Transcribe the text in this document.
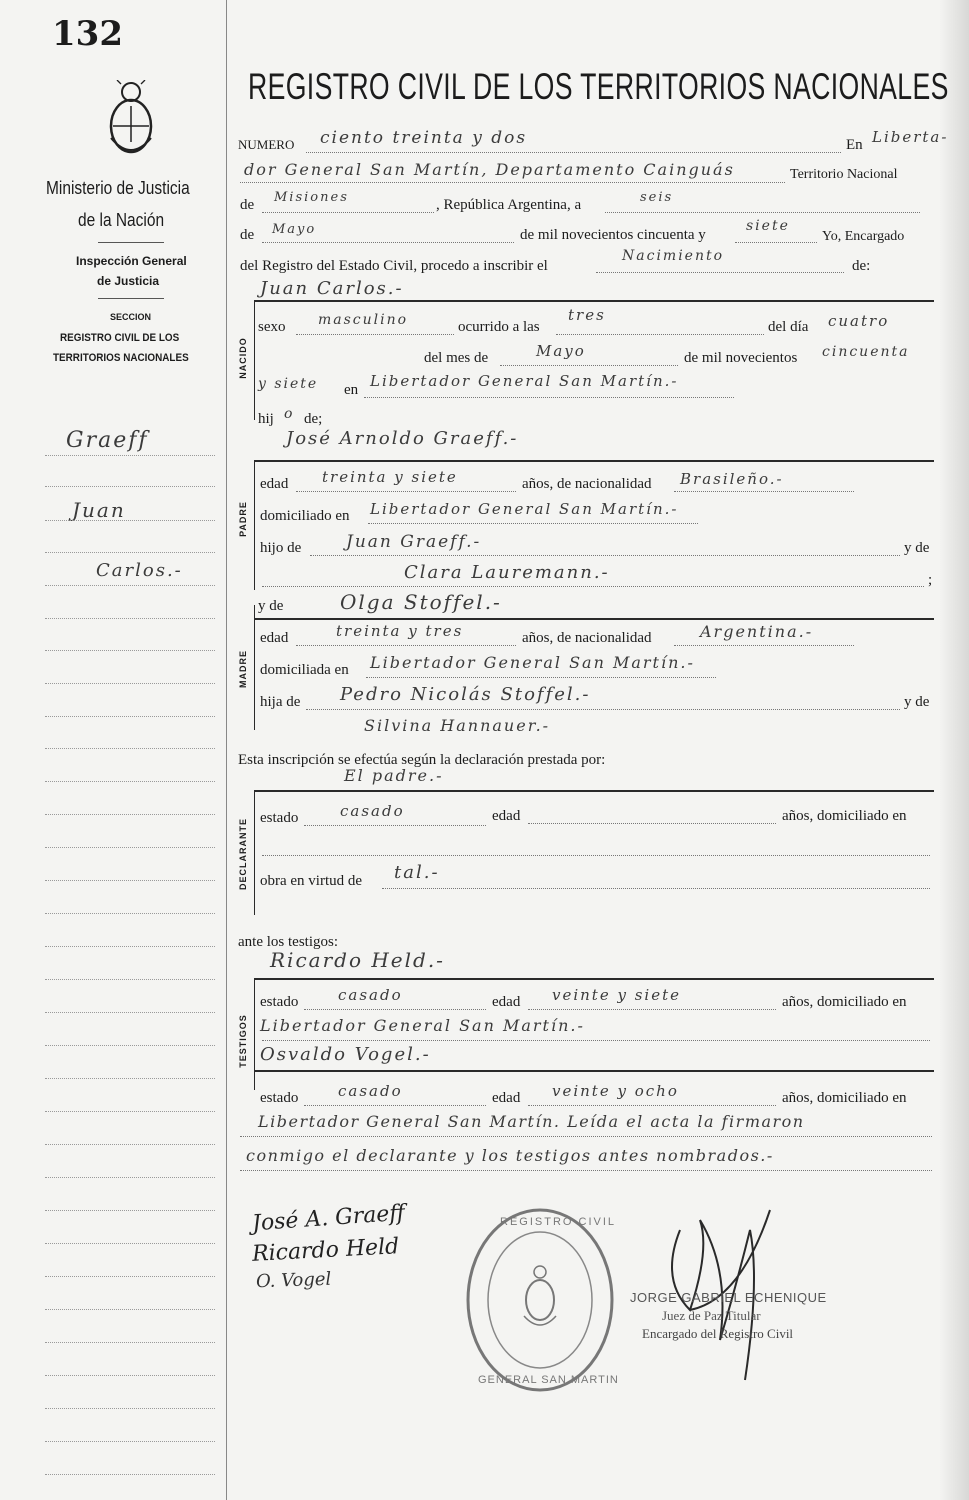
132
Ministerio de Justicia
de la Nación
Inspección General
de Justicia
SECCION
REGISTRO CIVIL DE LOS
TERRITORIOS NACIONALES
Graeff
Juan
Carlos.-
REGISTRO CIVIL DE LOS TERRITORIOS NACIONALES
NUMERO ciento treinta y dos	En Liberta-
dor General San Martín, Departamento Cainguás	Territorio Nacional
de Misiones	, República Argentina, a	seis
de Mayo	de mil novecientos cincuenta y
siete
Yo, Encargado
del Registro del Estado Civil, procedo a inscribir el
Nacimiento
de:
Juan Carlos.-
NACIDO
sexo masculino	ocurrido a las
tres
del día cuatro
del mes de	Mayo	de mil novecientos cincuenta
y siete en Libertador General San Martín.-
hij o de;
José Arnoldo Graeff.-
PADRE
edad treinta y siete	años, de nacionalidad Brasileño.-
domiciliado en Libertador General San Martín.-
hijo de	Juan Graeff.-	y de
Clara Lauremann.-	;
y de	Olga Stoffel.-
MADRE
edad	treinta y tres	años, de nacionalidad	Argentina.-
domiciliada en Libertador General San Martín.-
hija de Pedro Nicolás Stoffel.-	y de
Silvina Hannauer.-
Esta inscripción se efectúa según la declaración prestada por:
El padre.-
DECLARANTE estado	casado	edad	años, domiciliado en
obra en virtud de tal.-
ante los testigos:
Ricardo Held.-
TESTIGOS
estado	casado	edad veinte y siete	años, domiciliado en
Libertador General San Martín.-
Osvaldo Vogel.-
estado	casado	edad veinte y ocho	años, domiciliado en
Libertador General San Martín. Leída el acta la firmaron
conmigo el declarante y los testigos antes nombrados.-
José A. Graeff
Ricardo Held
O. Vogel
REGISTRO CIVIL
GENERAL SAN MARTIN
JORGE GABRIEL ECHENIQUE
Juez de Paz Titular
Encargado del Registro Civil
